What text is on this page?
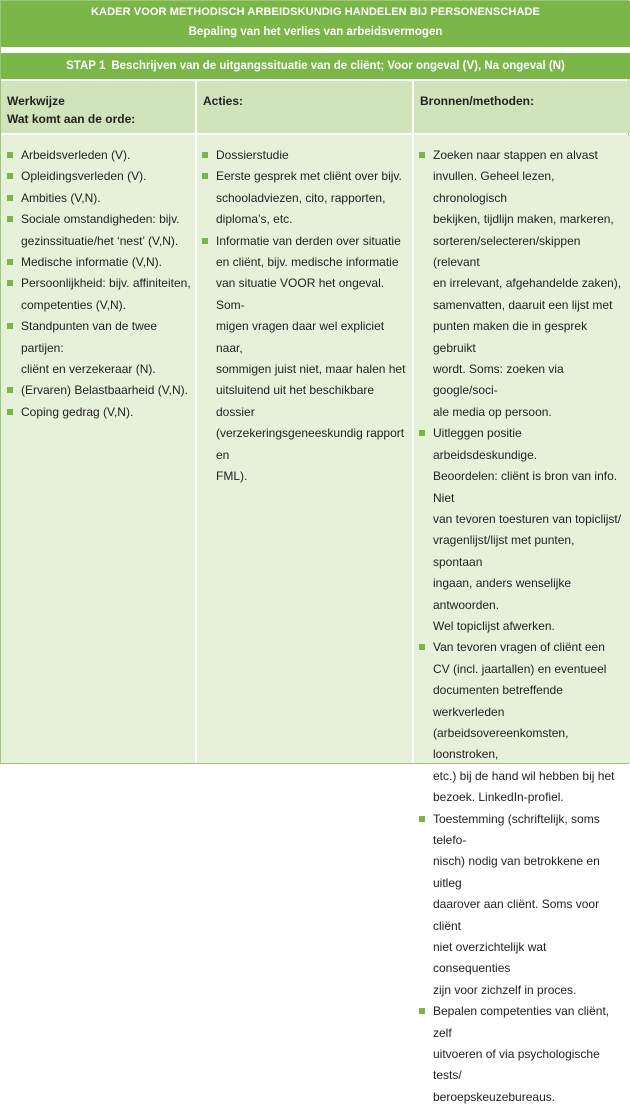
KADER VOOR METHODISCH ARBEIDSKUNDIG HANDELEN BIJ PERSONENSCHADE
Bepaling van het verlies van arbeidsvermogen
STAP 1 Beschrijven van de uitgangssituatie van de cliënt; Voor ongeval (V), Na ongeval (N)
Werkwijze
Wat komt aan de orde:
Acties:	Bronnen/methoden:
Arbeidsverleden (V).
Opleidingsverleden (V).
Ambities (V,N).
Sociale omstandigheden: bijv.
gezinssituatie/het ‘nest’ (V,N).
Medische informatie (V,N).
Persoonlijkheid: bijv. affiniteiten,
competenties (V,N).
Standpunten van de twee partijen:
cliënt en verzekeraar (N).
(Ervaren) Belastbaarheid (V,N).
Coping gedrag (V,N).
Dossierstudie
Eerste gesprek met cliënt over bijv.
schooladviezen, cito, rapporten,
diploma’s, etc.
Informatie van derden over situatie
en cliënt, bijv. medische informatie
van situatie VOOR het ongeval. Som-
migen vragen daar wel expliciet naar,
sommigen juist niet, maar halen het
uitsluitend uit het beschikbare dossier
(verzekeringsgeneeskundig rapport en
FML).
Zoeken naar stappen en alvast
invullen. Geheel lezen, chronologisch
bekijken, tijdlijn maken, markeren,
sorteren/selecteren/skippen (relevant
en irrelevant, afgehandelde zaken),
samenvatten, daaruit een lijst met
punten maken die in gesprek gebruikt
wordt. Soms: zoeken via google/soci-
ale media op persoon.
Uitleggen positie arbeidsdeskundige.
Beoordelen: cliënt is bron van info. Niet
van tevoren toesturen van topiclijst/
vragenlijst/lijst met punten, spontaan
ingaan, anders wenselijke antwoorden.
Wel topiclijst afwerken.
Van tevoren vragen of cliënt een
CV (incl. jaartallen) en eventueel
documenten betreffende werkverleden
(arbeidsovereenkomsten, loonstroken,
etc.) bij de hand wil hebben bij het
bezoek. LinkedIn-profiel.
Toestemming (schriftelijk, soms telefo-
nisch) nodig van betrokkene en uitleg
daarover aan cliënt. Soms voor cliënt
niet overzichtelijk wat consequenties
zijn voor zichzelf in proces.
Bepalen competenties van cliënt, zelf
uitvoeren of via psychologische tests/
beroepskeuzebureaus.
